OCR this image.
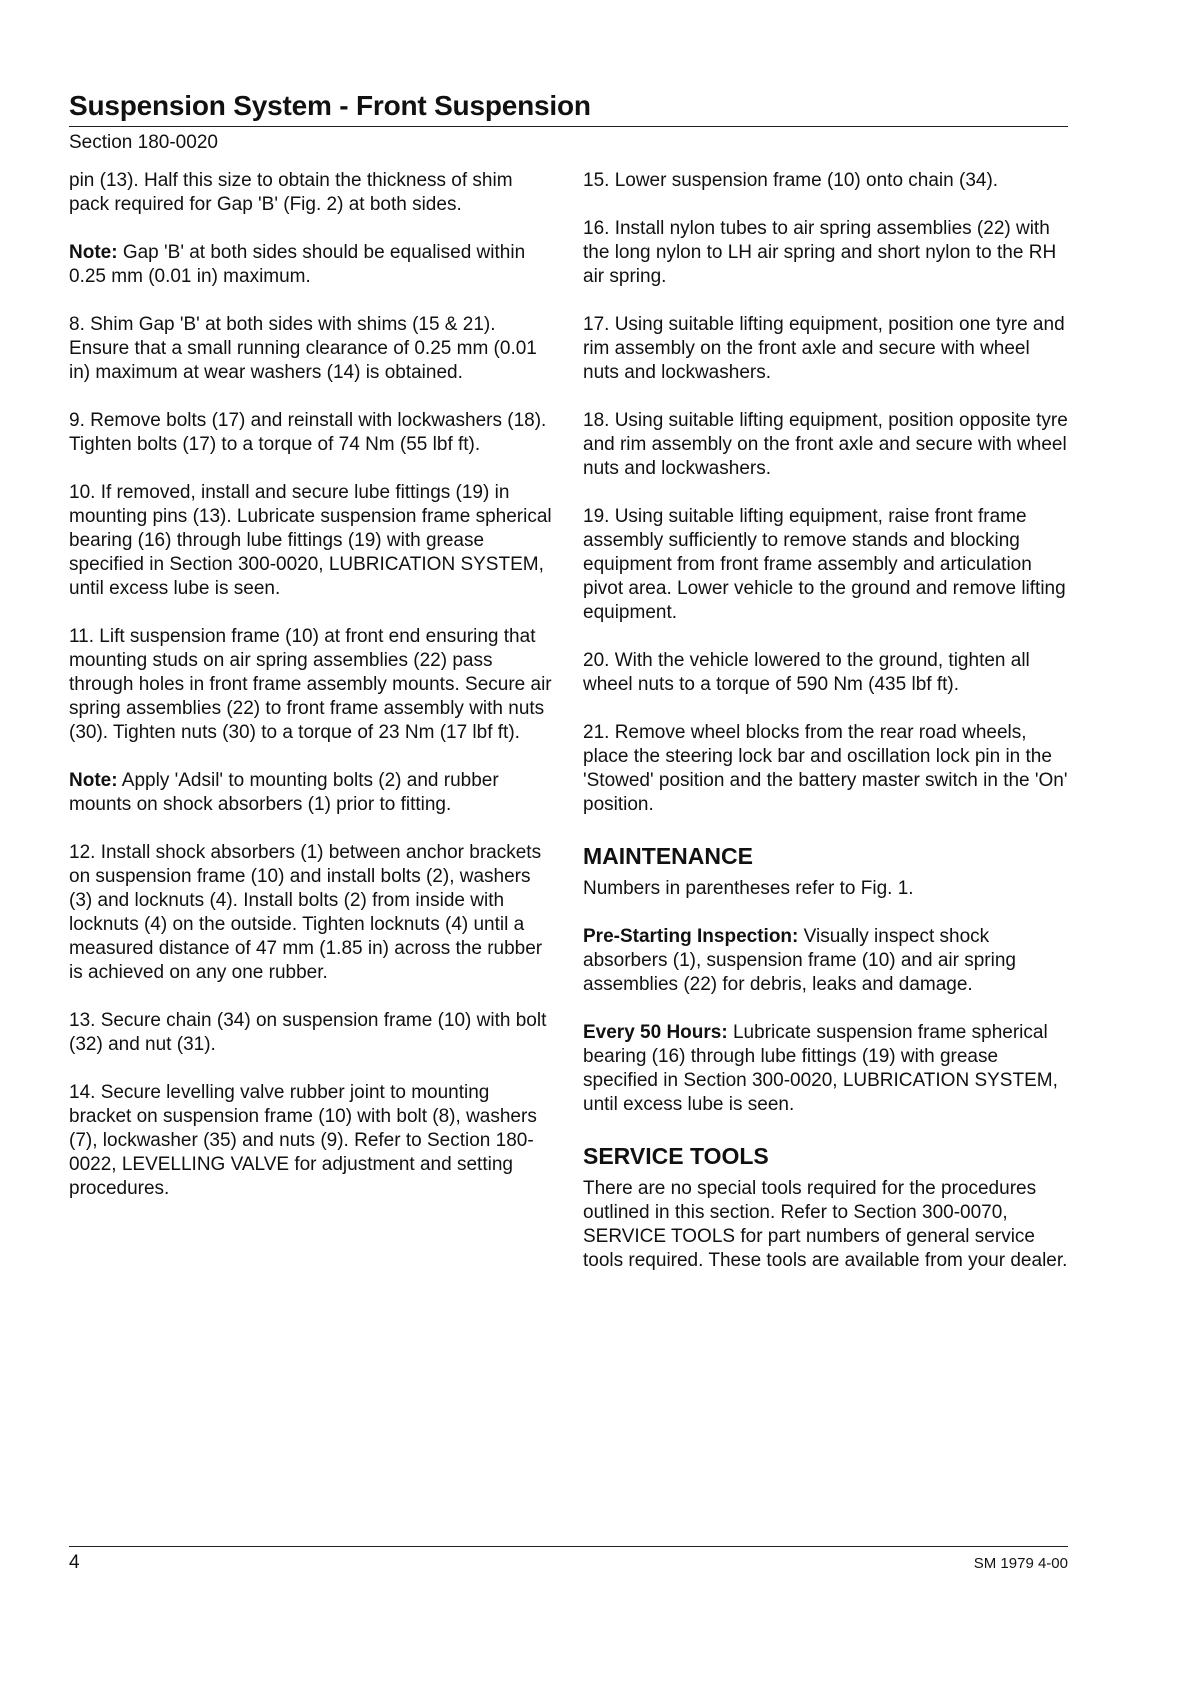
Suspension System - Front Suspension
Section 180-0020

pin (13). Half this size to obtain the thickness of shim pack required for Gap 'B' (Fig. 2) at both sides.

Note: Gap 'B' at both sides should be equalised within 0.25 mm (0.01 in) maximum.

8. Shim Gap 'B' at both sides with shims (15 & 21). Ensure that a small running clearance of 0.25 mm (0.01 in) maximum at wear washers (14) is obtained.

9. Remove bolts (17) and reinstall with lockwashers (18). Tighten bolts (17) to a torque of 74 Nm (55 lbf ft).

10. If removed, install and secure lube fittings (19) in mounting pins (13). Lubricate suspension frame spherical bearing (16) through lube fittings (19) with grease specified in Section 300-0020, LUBRICATION SYSTEM, until excess lube is seen.

11. Lift suspension frame (10) at front end ensuring that mounting studs on air spring assemblies (22) pass through holes in front frame assembly mounts. Secure air spring assemblies (22) to front frame assembly with nuts (30). Tighten nuts (30) to a torque of 23 Nm (17 lbf ft).

Note: Apply 'Adsil' to mounting bolts (2) and rubber mounts on shock absorbers (1) prior to fitting.

12. Install shock absorbers (1) between anchor brackets on suspension frame (10) and install bolts (2), washers (3) and locknuts (4). Install bolts (2) from inside with locknuts (4) on the outside. Tighten locknuts (4) until a measured distance of 47 mm (1.85 in) across the rubber is achieved on any one rubber.

13. Secure chain (34) on suspension frame (10) with bolt (32) and nut (31).

14. Secure levelling valve rubber joint to mounting bracket on suspension frame (10) with bolt (8), washers (7), lockwasher (35) and nuts (9). Refer to Section 180-0022, LEVELLING VALVE for adjustment and setting procedures.

15. Lower suspension frame (10) onto chain (34).

16. Install nylon tubes to air spring assemblies (22) with the long nylon to LH air spring and short nylon to the RH air spring.

17. Using suitable lifting equipment, position one tyre and rim assembly on the front axle and secure with wheel nuts and lockwashers.

18. Using suitable lifting equipment, position opposite tyre and rim assembly on the front axle and secure with wheel nuts and lockwashers.

19. Using suitable lifting equipment, raise front frame assembly sufficiently to remove stands and blocking equipment from front frame assembly and articulation pivot area. Lower vehicle to the ground and remove lifting equipment.

20. With the vehicle lowered to the ground, tighten all wheel nuts to a torque of 590 Nm (435 lbf ft).

21. Remove wheel blocks from the rear road wheels, place the steering lock bar and oscillation lock pin in the 'Stowed' position and the battery master switch in the 'On' position.

MAINTENANCE

Numbers in parentheses refer to Fig. 1.

Pre-Starting Inspection: Visually inspect shock absorbers (1), suspension frame (10) and air spring assemblies (22) for debris, leaks and damage.

Every 50 Hours: Lubricate suspension frame spherical bearing (16) through lube fittings (19) with grease specified in Section 300-0020, LUBRICATION SYSTEM, until excess lube is seen.

SERVICE TOOLS

There are no special tools required for the procedures outlined in this section. Refer to Section 300-0070, SERVICE TOOLS for part numbers of general service tools required. These tools are available from your dealer.

4	SM 1979 4-00
